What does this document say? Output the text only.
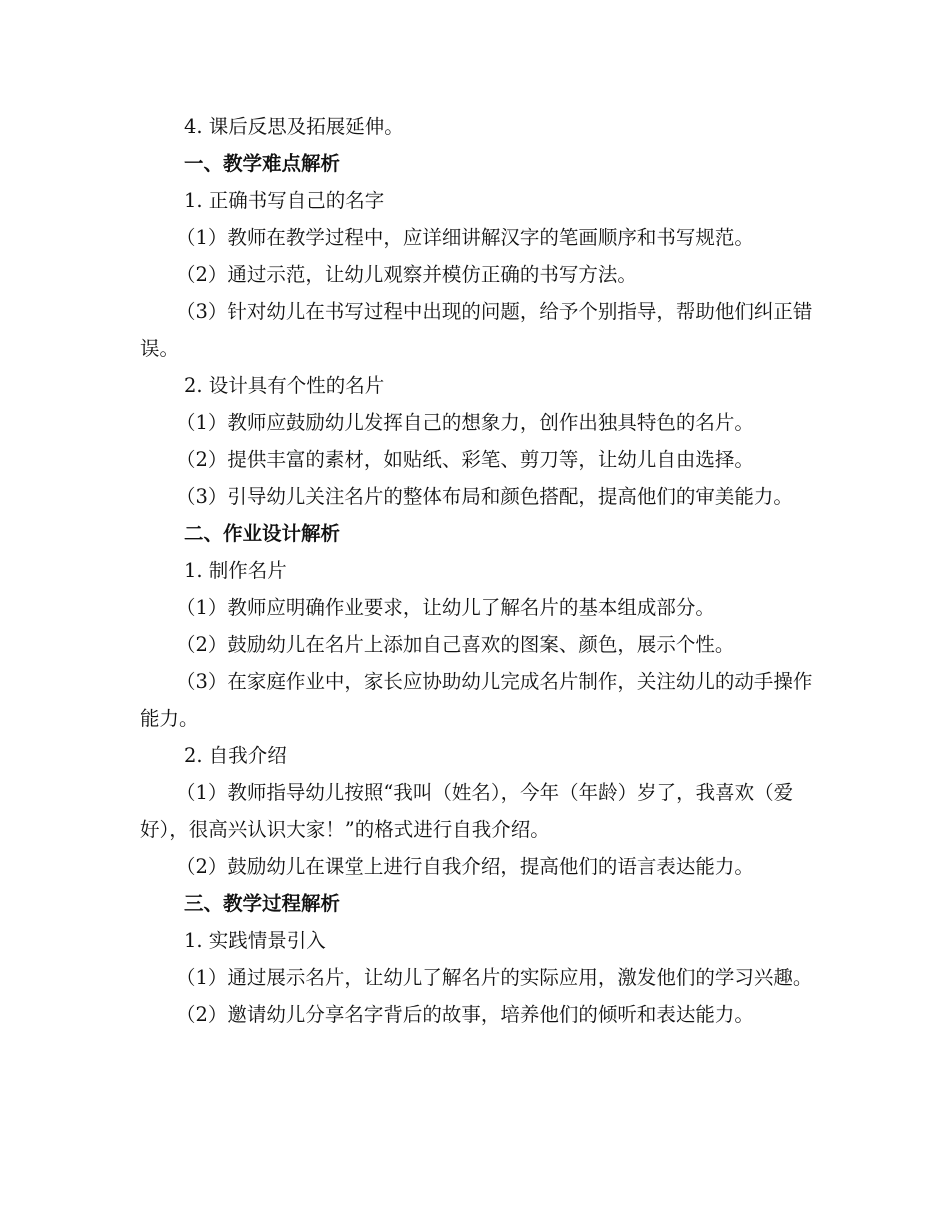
4. 课后反思及拓展延伸。

一、教学难点解析

1. 正确书写自己的名字

（1）教师在教学过程中，应详细讲解汉字的笔画顺序和书写规范。

（2）通过示范，让幼儿观察并模仿正确的书写方法。

（3）针对幼儿在书写过程中出现的问题，给予个别指导，帮助他们纠正错误。

2. 设计具有个性的名片

（1）教师应鼓励幼儿发挥自己的想象力，创作出独具特色的名片。

（2）提供丰富的素材，如贴纸、彩笔、剪刀等，让幼儿自由选择。

（3）引导幼儿关注名片的整体布局和颜色搭配，提高他们的审美能力。

二、作业设计解析

1. 制作名片

（1）教师应明确作业要求，让幼儿了解名片的基本组成部分。

（2）鼓励幼儿在名片上添加自己喜欢的图案、颜色，展示个性。

（3）在家庭作业中，家长应协助幼儿完成名片制作，关注幼儿的动手操作能力。

2. 自我介绍

（1）教师指导幼儿按照“我叫（姓名），今年（年龄）岁了，我喜欢（爱好），很高兴认识大家！”的格式进行自我介绍。

（2）鼓励幼儿在课堂上进行自我介绍，提高他们的语言表达能力。

三、教学过程解析

1. 实践情景引入

（1）通过展示名片，让幼儿了解名片的实际应用，激发他们的学习兴趣。

（2）邀请幼儿分享名字背后的故事，培养他们的倾听和表达能力。
